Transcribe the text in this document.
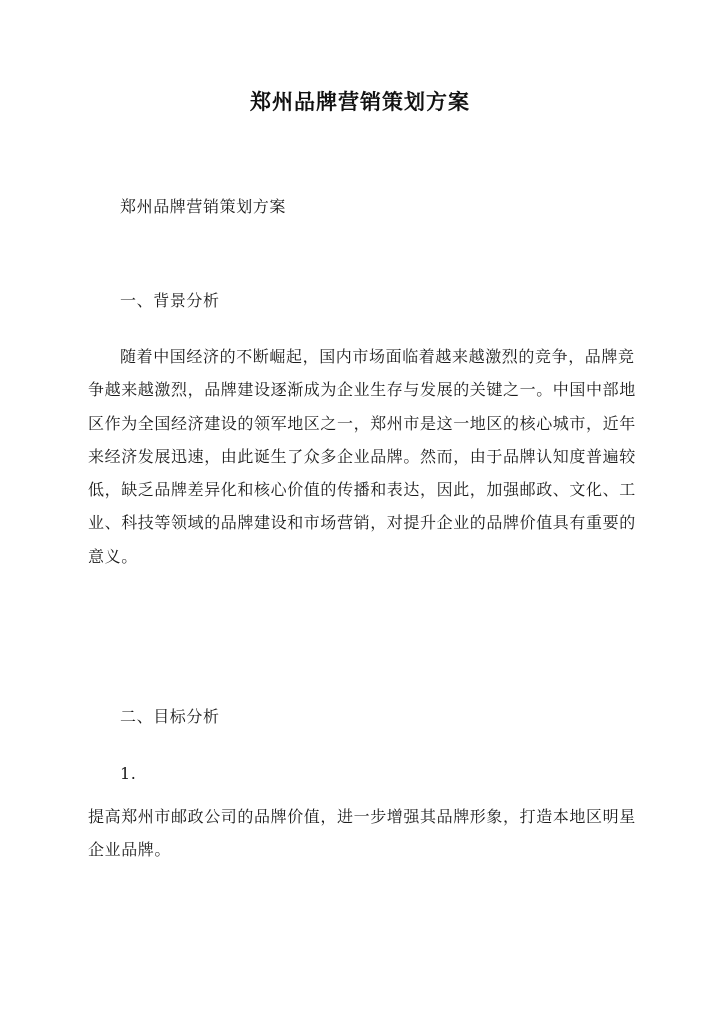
郑州品牌营销策划方案
郑州品牌营销策划方案
一、背景分析
随着中国经济的不断崛起，国内市场面临着越来越激烈的竞争，品牌竞争越来越激烈，品牌建设逐渐成为企业生存与发展的关键之一。中国中部地区作为全国经济建设的领军地区之一，郑州市是这一地区的核心城市，近年来经济发展迅速，由此诞生了众多企业品牌。然而，由于品牌认知度普遍较低，缺乏品牌差异化和核心价值的传播和表达，因此，加强邮政、文化、工业、科技等领域的品牌建设和市场营销，对提升企业的品牌价值具有重要的意义。
二、目标分析
1.
提高郑州市邮政公司的品牌价值，进一步增强其品牌形象，打造本地区明星企业品牌。
